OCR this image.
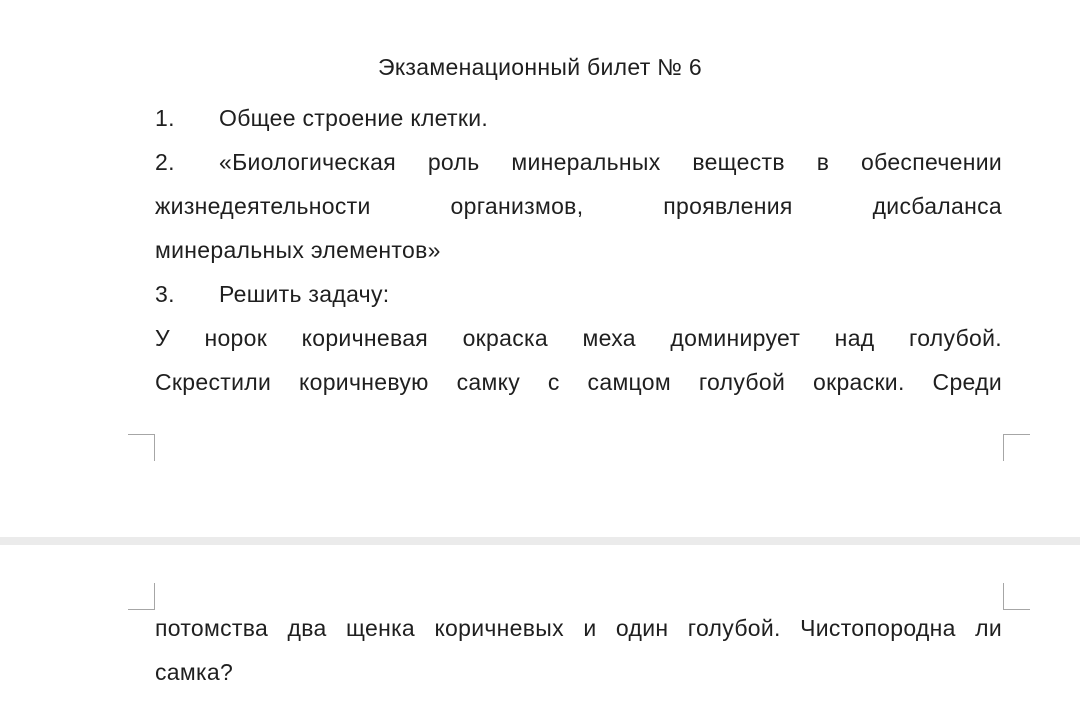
Экзаменационный билет № 6
1. Общее строение клетки.
2.	«Биологическая роль минеральных веществ в обеспечении
жизнедеятельности организмов, проявления дисбаланса
минеральных элементов»
3. Решить задачу:
У норок коричневая окраска меха доминирует над голубой.
Скрестили коричневую самку с самцом голубой окраски. Среди
потомства два щенка коричневых и один голубой. Чистопородна ли
самка?
